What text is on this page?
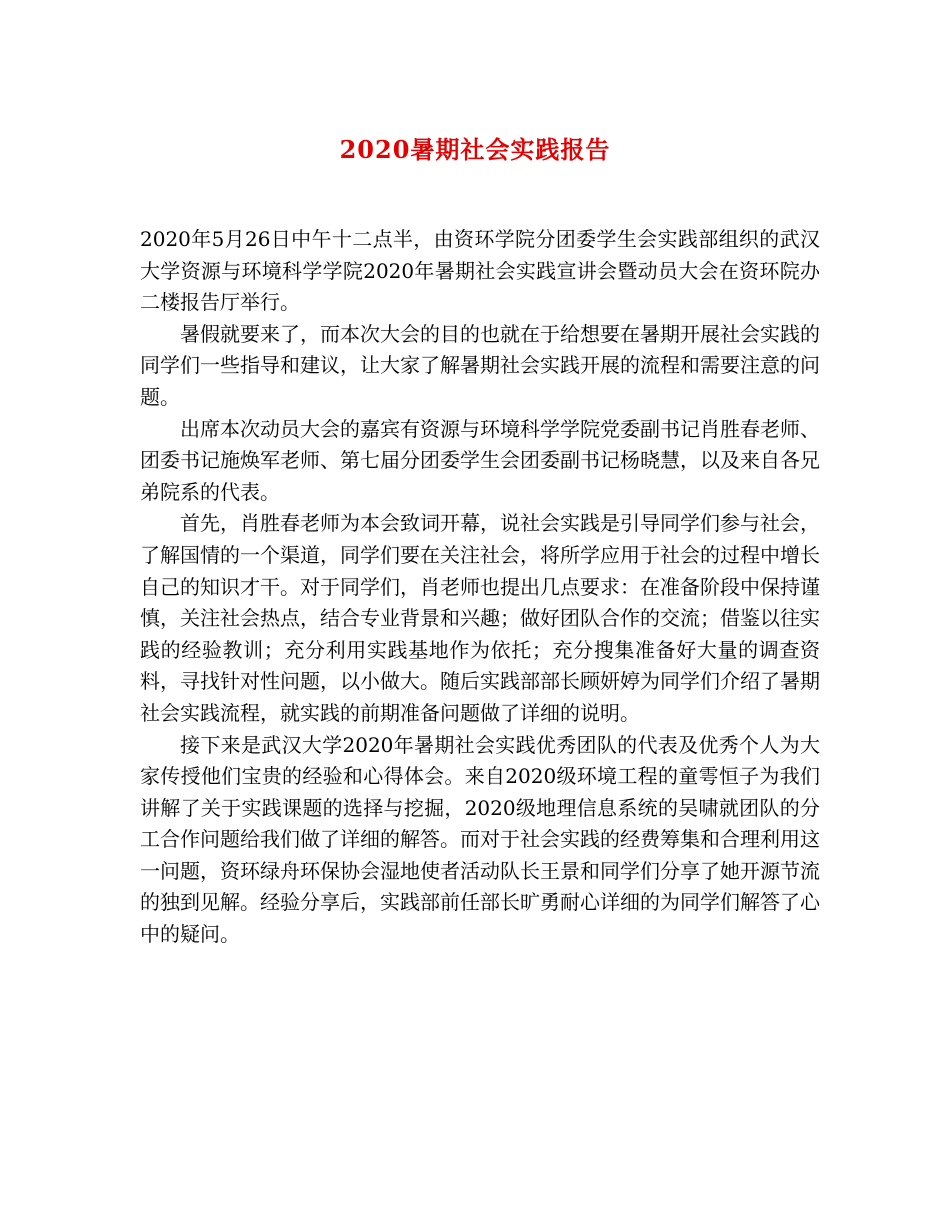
2020暑期社会实践报告

2020年5月26日中午十二点半，由资环学院分团委学生会实践部组织的武汉大学资源与环境科学学院2020年暑期社会实践宣讲会暨动员大会在资环院办二楼报告厅举行。

暑假就要来了，而本次大会的目的也就在于给想要在暑期开展社会实践的同学们一些指导和建议，让大家了解暑期社会实践开展的流程和需要注意的问题。

出席本次动员大会的嘉宾有资源与环境科学学院党委副书记肖胜春老师、团委书记施焕军老师、第七届分团委学生会团委副书记杨晓慧，以及来自各兄弟院系的代表。

首先，肖胜春老师为本会致词开幕，说社会实践是引导同学们参与社会，了解国情的一个渠道，同学们要在关注社会，将所学应用于社会的过程中增长自己的知识才干。对于同学们，肖老师也提出几点要求：在准备阶段中保持谨慎，关注社会热点，结合专业背景和兴趣；做好团队合作的交流；借鉴以往实践的经验教训；充分利用实践基地作为依托；充分搜集准备好大量的调查资料，寻找针对性问题，以小做大。随后实践部部长顾妍婷为同学们介绍了暑期社会实践流程，就实践的前期准备问题做了详细的说明。

接下来是武汉大学2020年暑期社会实践优秀团队的代表及优秀个人为大家传授他们宝贵的经验和心得体会。来自2020级环境工程的童雩恒子为我们讲解了关于实践课题的选择与挖掘，2020级地理信息系统的吴啸就团队的分工合作问题给我们做了详细的解答。而对于社会实践的经费筹集和合理利用这一问题，资环绿舟环保协会湿地使者活动队长王景和同学们分享了她开源节流的独到见解。经验分享后，实践部前任部长旷勇耐心详细的为同学们解答了心中的疑问。
